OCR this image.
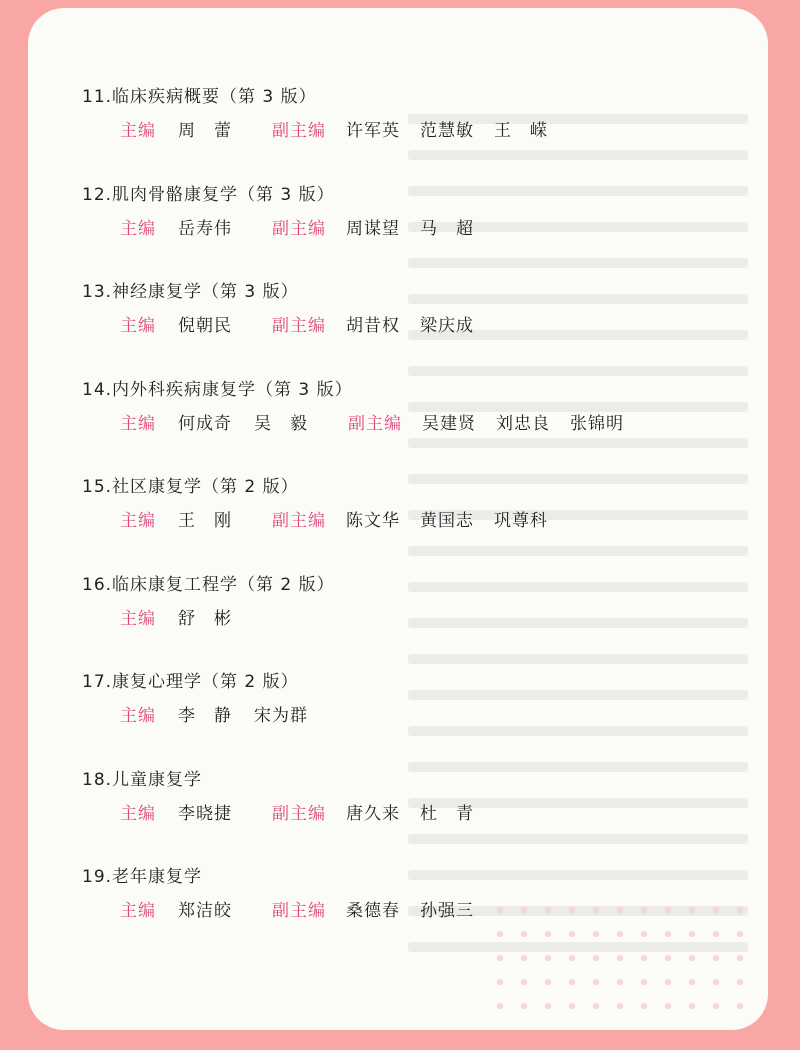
11.临床疾病概要（第 3 版）
主编 周　蕾 副主编 许军英 范慧敏 王　嵘
12.肌肉骨骼康复学（第 3 版）
主编 岳寿伟 副主编 周谋望 马　超
13.神经康复学（第 3 版）
主编 倪朝民 副主编 胡昔权 梁庆成
14.内外科疾病康复学（第 3 版）
主编 何成奇 吴　毅 副主编 吴建贤 刘忠良 张锦明
15.社区康复学（第 2 版）
主编 王　刚 副主编 陈文华 黄国志 巩尊科
16.临床康复工程学（第 2 版）
主编 舒　彬
17.康复心理学（第 2 版）
主编 李　静 宋为群
18.儿童康复学
主编 李晓捷 副主编 唐久来 杜　青
19.老年康复学
主编 郑洁皎 副主编 桑德春 孙强三
